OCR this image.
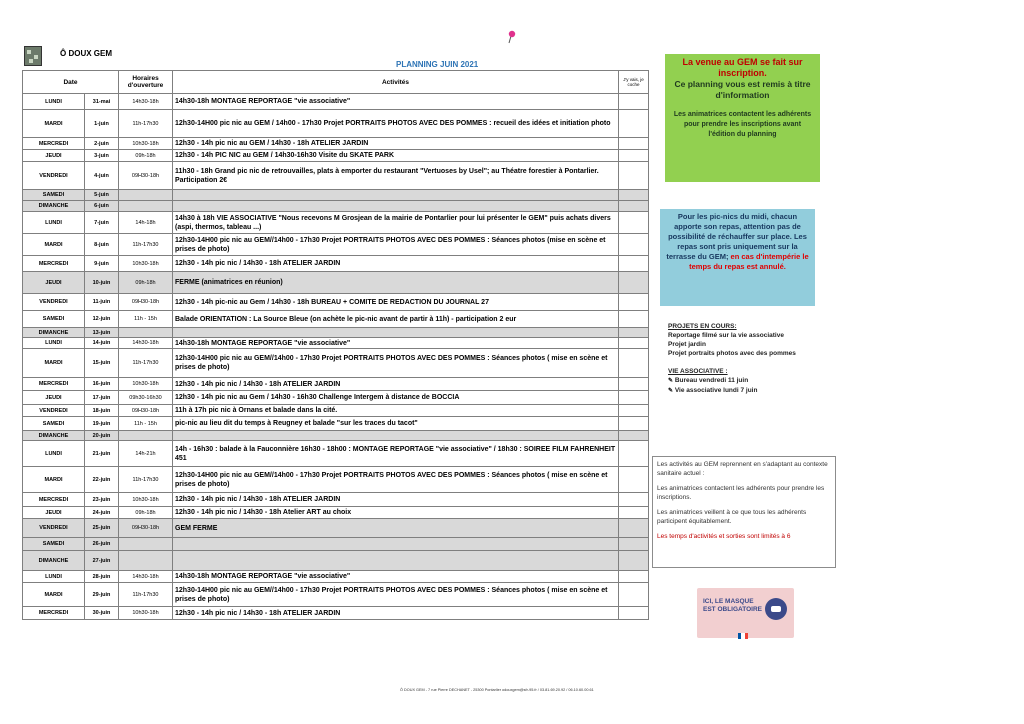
Ô DOUX GEM
PLANNING JUIN 2021
Date		Horaires d'ouverture	Activités	J'y vais, je coche
LUNDI	31-mai	14h30-18h	14h30-18h MONTAGE REPORTAGE "vie associative"	
MARDI	1-juin	11h-17h30	12h30-14H00 pic nic au GEM / 14h00 - 17h30 Projet PORTRAITS PHOTOS AVEC DES POMMES : recueil des idées et initiation photo	
MERCREDI	2-juin	10h30-18h	12h30 - 14h pic nic au GEM / 14h30 - 18h ATELIER JARDIN	
JEUDI	3-juin	09h-18h	12h30 - 14h PIC NIC au GEM / 14h30-16h30 Visite du SKATE PARK	
VENDREDI	4-juin	09H30-18h	11h30 - 18h Grand pic nic de retrouvailles, plats à emporter du restaurant "Vertuoses by Usel"; au Théatre forestier à Pontarlier. Participation 2€	
SAMEDI	5-juin			
DIMANCHE	6-juin			
LUNDI	7-juin	14h-18h	14h30 à 18h VIE ASSOCIATIVE "Nous recevons M Grosjean de la mairie de Pontarlier pour lui présenter le GEM" puis achats divers (aspi, thermos, tableau ...)	
MARDI	8-juin	11h-17h30	12h30-14H00 pic nic au GEM//14h00 - 17h30 Projet PORTRAITS PHOTOS AVEC DES POMMES : Séances photos (mise en scène et prises de photo)	
MERCREDI	9-juin	10h30-18h	12h30 - 14h pic nic / 14h30 - 18h ATELIER JARDIN	
JEUDI	10-juin	09h-18h	FERME (animatrices en réunion)	
VENDREDI	11-juin	09H30-18h	12h30 - 14h pic-nic au Gem / 14h30 - 18h BUREAU + COMITE DE REDACTION DU JOURNAL 27	
SAMEDI	12-juin	11h - 15h	Balade ORIENTATION : La Source Bleue (on achète le pic-nic avant de partir à 11h) - participation 2 eur	
DIMANCHE	13-juin			
LUNDI	14-juin	14h30-18h	14h30-18h MONTAGE REPORTAGE "vie associative"	
MARDI	15-juin	11h-17h30	12h30-14H00 pic nic au GEM//14h00 - 17h30 Projet PORTRAITS PHOTOS AVEC DES POMMES : Séances photos ( mise en scène et prises de photo)	
MERCREDI	16-juin	10h30-18h	12h30 - 14h pic nic / 14h30 - 18h ATELIER JARDIN	
JEUDI	17-juin	09h30-16h30	12h30 - 14h pic nic au Gem / 14h30 - 16h30 Challenge Intergem à distance de BOCCIA	
VENDREDI	18-juin	09H30-18h	11h à 17h pic nic à Ornans et balade dans la cité.	
SAMEDI	19-juin	11h - 15h	pic-nic au lieu dit du temps à Reugney et balade "sur les traces du tacot"	
DIMANCHE	20-juin			
LUNDI	21-juin	14h-21h	14h - 16h30 : balade à la Fauconnière 16h30 - 18h00 : MONTAGE REPORTAGE "vie associative" / 18h30 : SOIREE FILM FAHRENHEIT 451	
MARDI	22-juin	11h-17h30	12h30-14H00 pic nic au GEM//14h00 - 17h30 Projet PORTRAITS PHOTOS AVEC DES POMMES : Séances photos ( mise en scène et prises de photo)	
MERCREDI	23-juin	10h30-18h	12h30 - 14h pic nic / 14h30 - 18h ATELIER JARDIN	
JEUDI	24-juin	09h-18h	12h30 - 14h pic nic / 14h30 - 18h Atelier ART au choix	
VENDREDI	25-juin	09H30-18h	GEM FERME	
SAMEDI	26-juin			
DIMANCHE	27-juin			
LUNDI	28-juin	14h30-18h	14h30-18h MONTAGE REPORTAGE "vie associative"	
MARDI	29-juin	11h-17h30	12h30-14H00 pic nic au GEM//14h00 - 17h30 Projet PORTRAITS PHOTOS AVEC DES POMMES : Séances photos ( mise en scène et prises de photo)	
MERCREDI	30-juin	10h30-18h	12h30 - 14h pic nic / 14h30 - 18h ATELIER JARDIN	
La venue au GEM se fait sur inscription.
Ce planning vous est remis à titre d'information
Les animatrices contactent les adhérents pour prendre les inscriptions avant l'édition du planning
Pour les pic-nics du midi, chacun apporte son repas, attention pas de possibilité de réchauffer sur place. Les repas sont pris uniquement sur la terrasse du GEM; en cas d'intempérie le temps du repas est annulé.
PROJETS EN COURS:
Reportage filmé sur la vie associative
Projet jardin
Projet portraits photos avec des pommes
VIE ASSOCIATIVE :
✎ Bureau vendredi 11 juin
✎ Vie associative lundi 7 juin

Les activités au GEM reprennent en s'adaptant au contexte sanitaire actuel :

Les animatrices contactent les adhérents pour prendre les inscriptions.

Les animatrices veillent à ce que tous les adhérents participent équitablement.

Les temps d'activités et sorties sont limités à 6

ICI, LE MASQUE
EST OBLIGATOIRE
Ô DOUX GEM - 7 rue Pierre DECHANET - 25300 Pontarlier odouxgem@sfr-95.fr / 03.81.69.20.92 / 06.10.60.00.61
